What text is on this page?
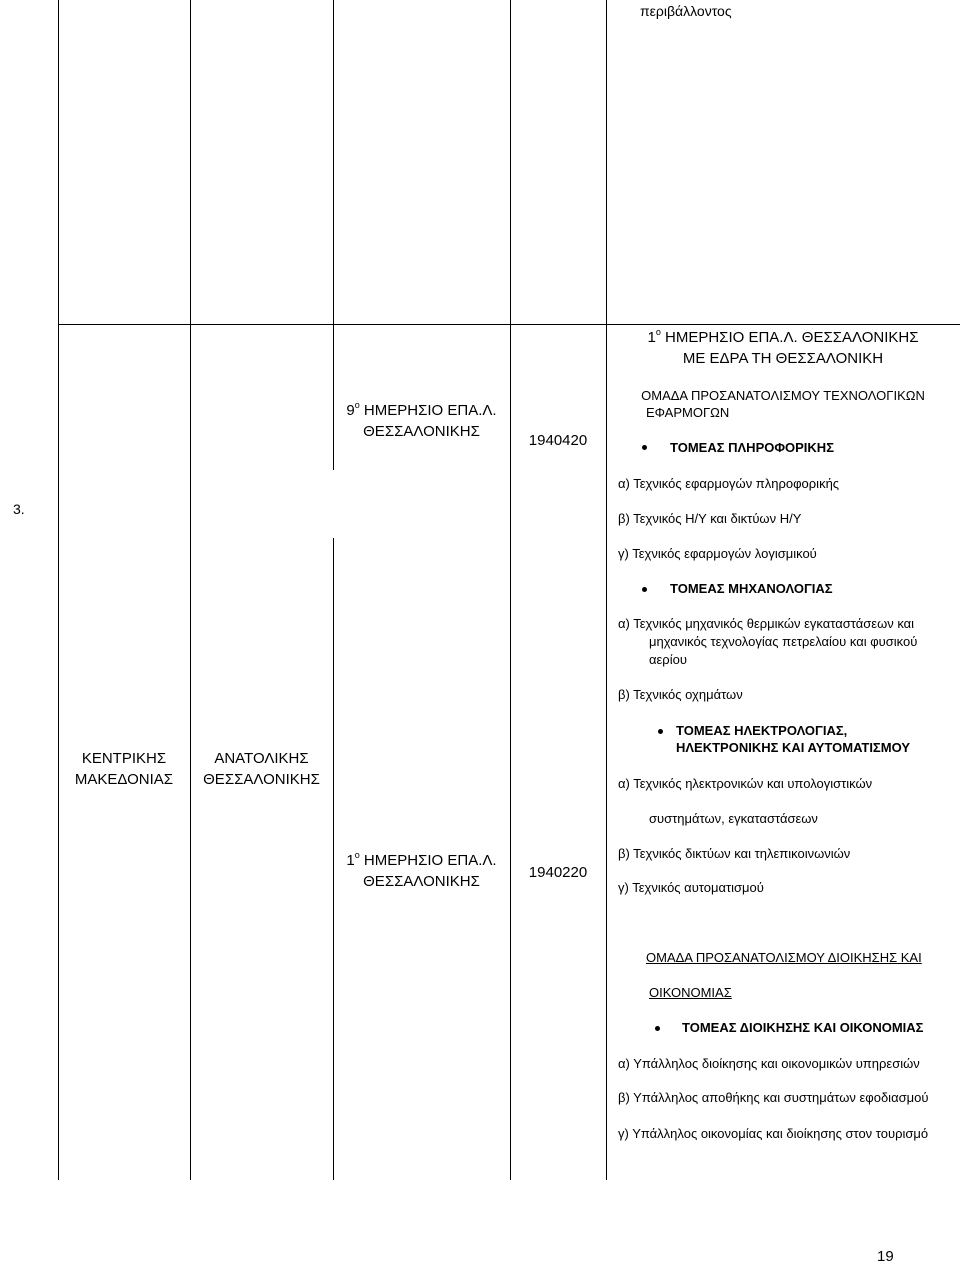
περιβάλλοντος
3.
ΚΕΝΤΡΙΚΗΣ
ΜΑΚΕΔΟΝΙΑΣ
ΑΝΑΤΟΛΙΚΗΣ
ΘΕΣΣΑΛΟΝΙΚΗΣ
$1^o$ ΗΜΕΡΗΣΙΟ ΕΠΑ.Λ. ΘΕΣΣΑΛΟΝΙΚΗΣ
ΜΕ ΕΔΡΑ ΤΗ ΘΕΣΣΑΛΟΝΙΚΗ
$9^o$ ΗΜΕΡΗΣΙΟ ΕΠΑ.Λ.
ΘΕΣΣΑΛΟΝΙΚΗΣ
1940420
$1^o$ ΗΜΕΡΗΣΙΟ ΕΠΑ.Λ.
ΘΕΣΣΑΛΟΝΙΚΗΣ
1940220
ΟΜΑΔΑ ΠΡΟΣΑΝΑΤΟΛΙΣΜΟΥ ΤΕΧΝΟΛΟΓΙΚΩΝ
ΕΦΑΡΜΟΓΩΝ
ΤΟΜΕΑΣ ΠΛΗΡΟΦΟΡΙΚΗΣ
α) Τεχνικός εφαρμογών πληροφορικής
β) Τεχνικός Η/Υ και δικτύων Η/Υ
γ) Τεχνικός εφαρμογών λογισμικού
ΤΟΜΕΑΣ ΜΗΧΑΝΟΛΟΓΙΑΣ
α) Τεχνικός μηχανικός θερμικών εγκαταστάσεων και
μηχανικός τεχνολογίας πετρελαίου και φυσικού
αερίου
β) Τεχνικός οχημάτων
ΤΟΜΕΑΣ ΗΛΕΚΤΡΟΛΟΓΙΑΣ,
ΗΛΕΚΤΡΟΝΙΚΗΣ ΚΑΙ ΑΥΤΟΜΑΤΙΣΜΟΥ
α) Τεχνικός ηλεκτρονικών και υπολογιστικών
συστημάτων, εγκαταστάσεων
β) Τεχνικός δικτύων και τηλεπικοινωνιών
γ) Τεχνικός αυτοματισμού
ΟΜΑΔΑ ΠΡΟΣΑΝΑΤΟΛΙΣΜΟΥ ΔΙΟΙΚΗΣΗΣ ΚΑΙ
ΟΙΚΟΝΟΜΙΑΣ
ΤΟΜΕΑΣ ΔΙΟΙΚΗΣΗΣ ΚΑΙ ΟΙΚΟΝΟΜΙΑΣ
α) Υπάλληλος διοίκησης και οικονομικών υπηρεσιών
β) Υπάλληλος αποθήκης και συστημάτων εφοδιασμού
γ) Υπάλληλος οικονομίας και διοίκησης στον τουρισμό
19
